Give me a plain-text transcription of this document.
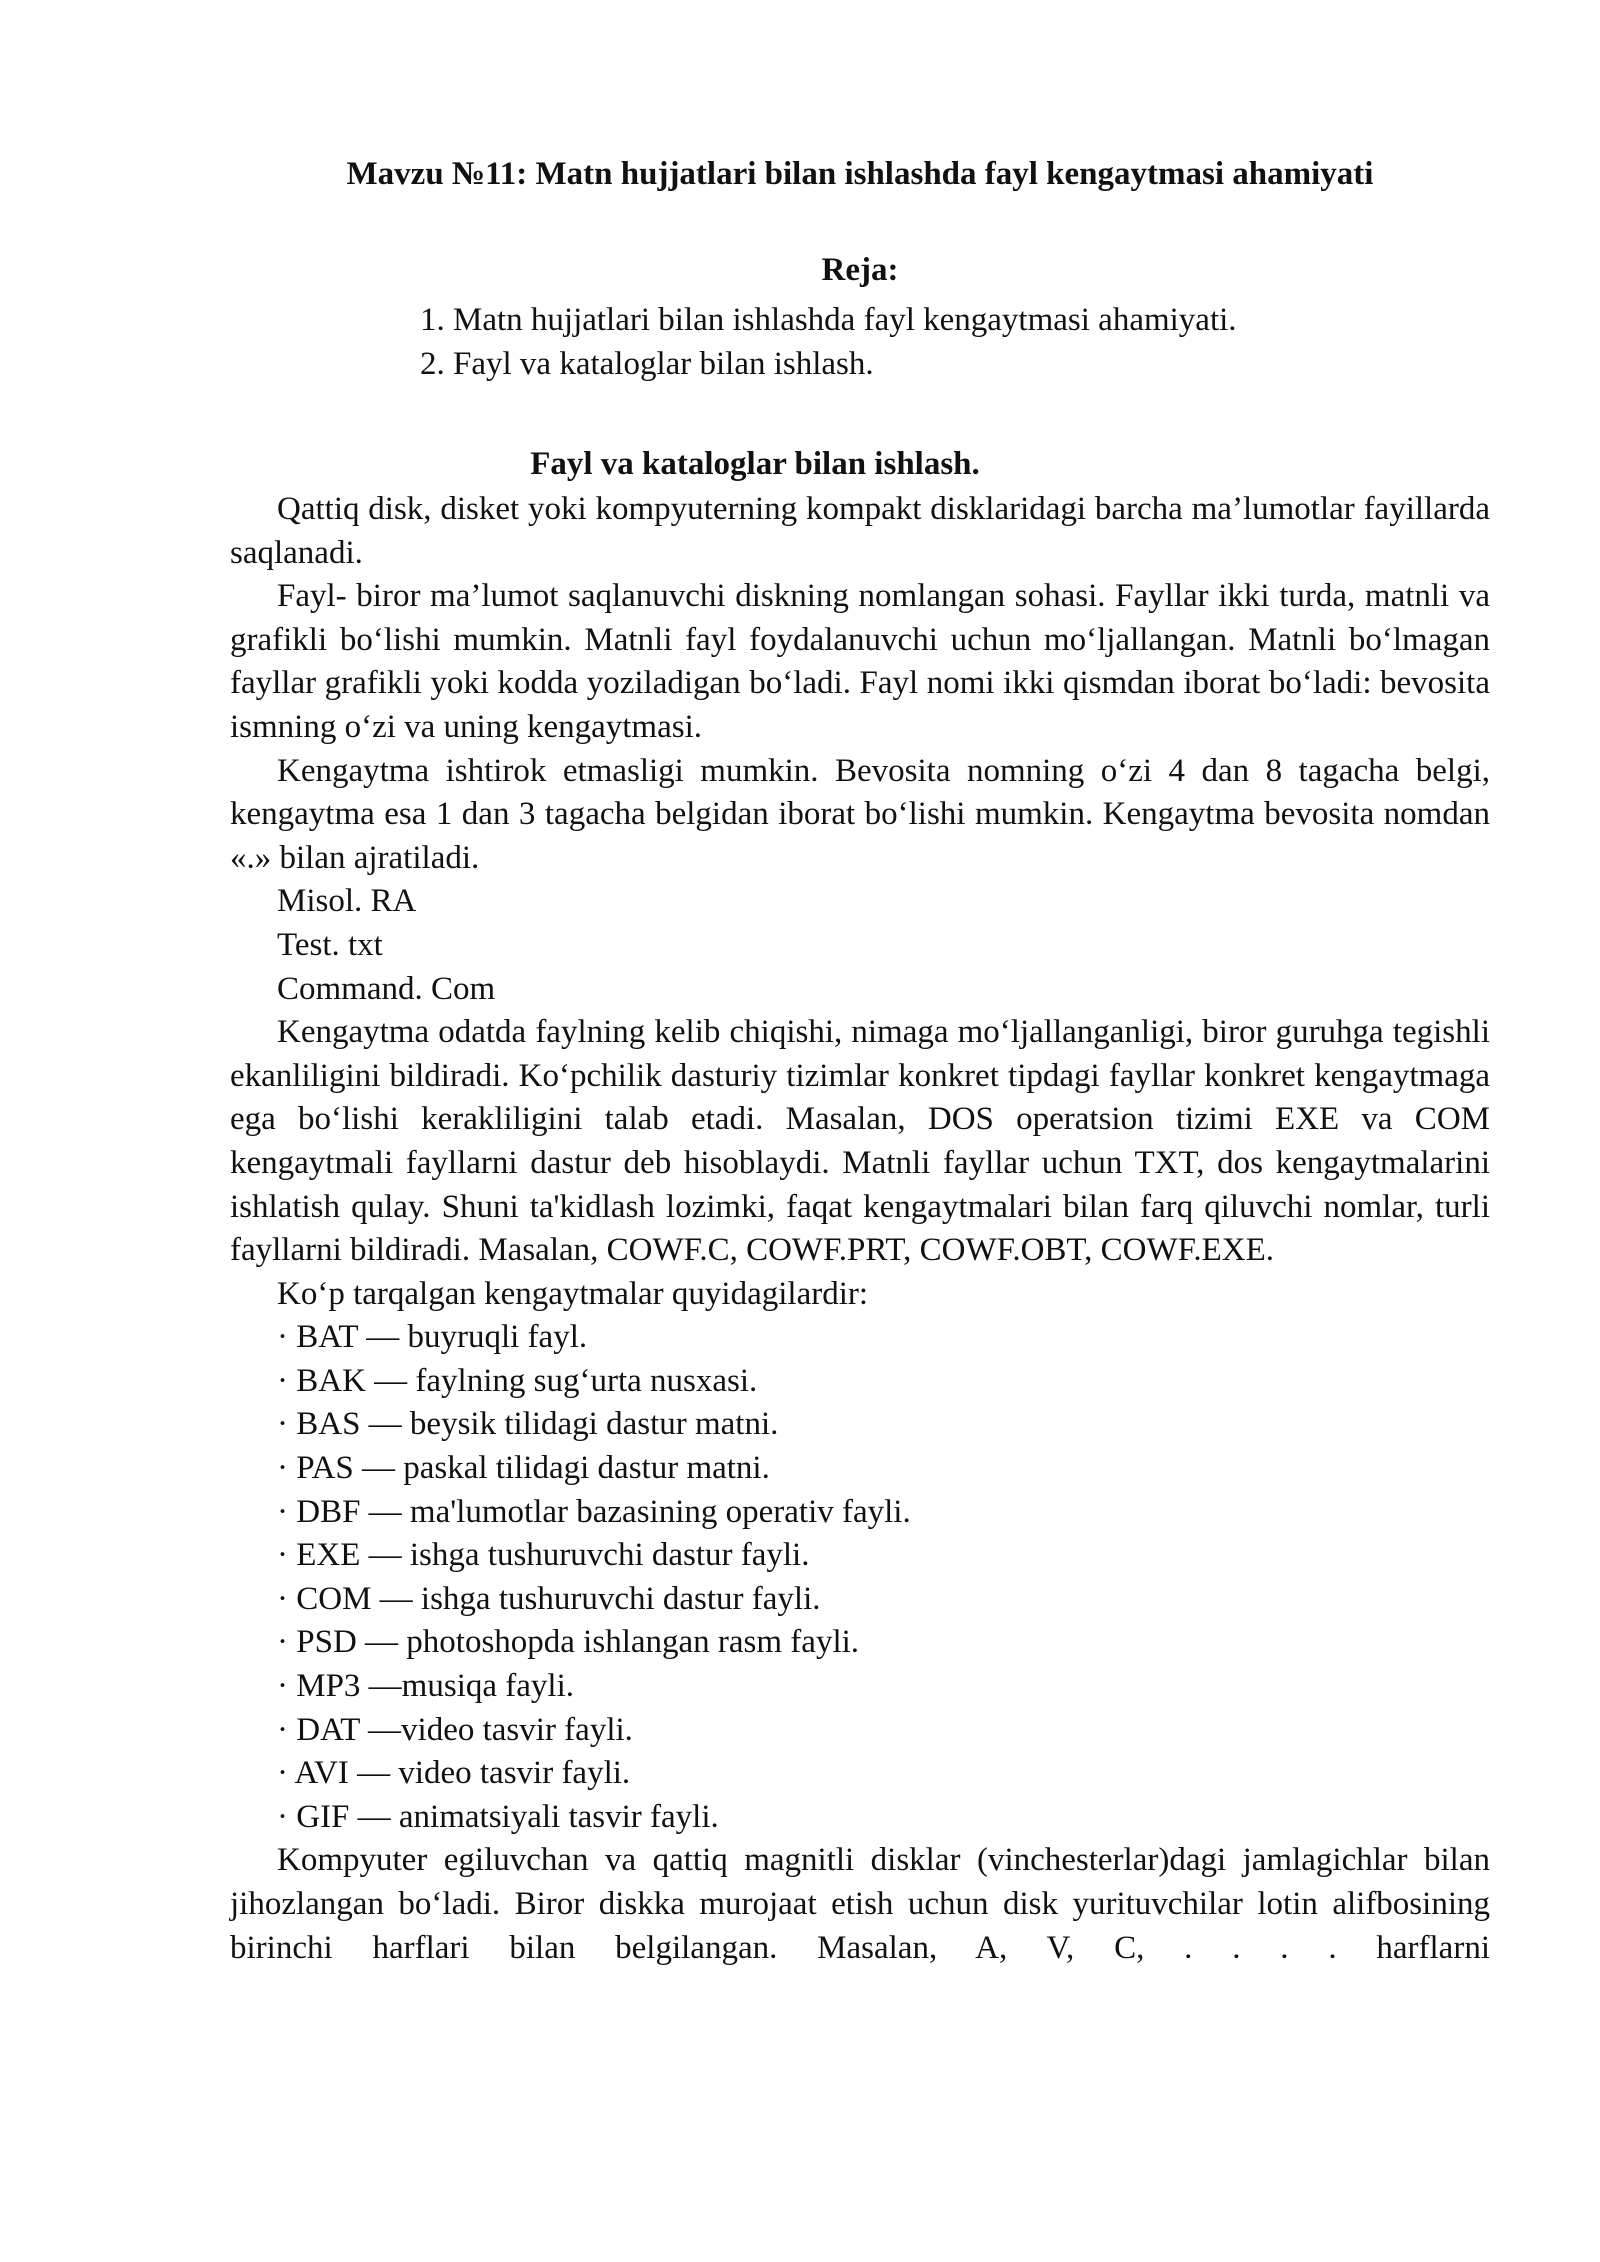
Mavzu №11: Matn hujjatlari bilan ishlashda fayl kengaytmasi ahamiyati
Reja:
1. Matn hujjatlari bilan ishlashda fayl kengaytmasi ahamiyati.
2. Fayl va kataloglar bilan ishlash.
Fayl va kataloglar bilan ishlash.

Qattiq disk, disket yoki kompyuterning kompakt disklaridagi barcha ma’lumotlar fayillarda saqlanadi.

Fayl- biror ma’lumot saqlanuvchi diskning nomlangan sohasi. Fayllar ikki turda, matnli va grafikli boʻlishi mumkin. Matnli fayl foydalanuvchi uchun moʻljallangan. Matnli boʻlmagan fayllar grafikli yoki kodda yoziladigan boʻladi. Fayl nomi ikki qismdan iborat boʻladi: bevosita ismning oʻzi va uning kengaytmasi.

Kengaytma ishtirok etmasligi mumkin. Bevosita nomning oʻzi 4 dan 8 tagacha belgi, kengaytma esa 1 dan 3 tagacha belgidan iborat boʻlishi mumkin. Kengaytma bevosita nomdan «.» bilan ajratiladi.

Misol. RA
Test. txt
Command. Com

Kengaytma odatda faylning kelib chiqishi, nimaga moʻljallanganligi, biror guruhga tegishli ekanliligini bildiradi. Koʻpchilik dasturiy tizimlar konkret tipdagi fayllar konkret kengaytmaga ega boʻlishi kerakliligini talab etadi. Masalan, DOS operatsion tizimi EXE va COM kengaytmali fayllarni dastur deb hisoblaydi. Matnli fayllar uchun TXT, dos kengaytmalarini ishlatish qulay. Shuni ta'kidlash lozimki, faqat kengaytmalari bilan farq qiluvchi nomlar, turli fayllarni bildiradi. Masalan, COWF.C, COWF.PRT, COWF.OBT, COWF.EXE.

Koʻp tarqalgan kengaytmalar quyidagilardir:
· BAT — buyruqli fayl.
· BAK — faylning sugʻurta nusxasi.
· BAS — beysik tilidagi dastur matni.
· PAS — paskal tilidagi dastur matni.
· DBF — ma'lumotlar bazasining operativ fayli.
· EXE — ishga tushuruvchi dastur fayli.
· COM — ishga tushuruvchi dastur fayli.
· PSD — photoshopda ishlangan rasm fayli.
· MP3 —musiqa fayli.
· DAT —video tasvir fayli.
· AVI — video tasvir fayli.
· GIF — animatsiyali tasvir fayli.

Kompyuter egiluvchan va qattiq magnitli disklar (vinchesterlar)dagi jamlagichlar bilan jihozlangan boʻladi. Biror diskka murojaat etish uchun disk yurituvchilar lotin alifbosining birinchi harflari bilan belgilangan. Masalan, A, V, C, . . . . harflarni
